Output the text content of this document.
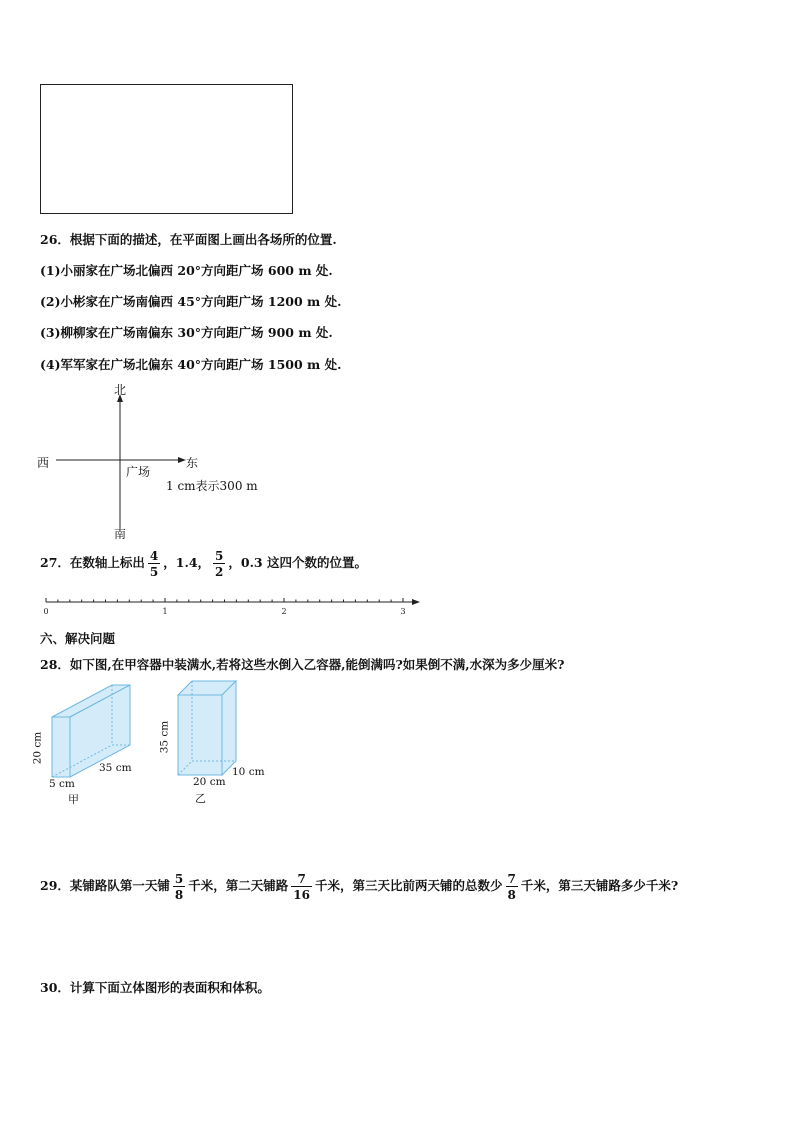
26．根据下面的描述，在平面图上画出各场所的位置.
(1)小丽家在广场北偏西 20°方向距广场 600 m 处.
(2)小彬家在广场南偏西 45°方向距广场 1200 m 处.
(3)柳柳家在广场南偏东 30°方向距广场 900 m 处.
(4)军军家在广场北偏东 40°方向距广场 1500 m 处.
北
西	东
广场
1 cm表示300 m
南
27．在数轴上标出 $\frac{4}{5}$ ，1.4， $\frac{5}{2}$ ，0.3 这四个数的位置。
0	1	2	3
六、解决问题
28．如下图,在甲容器中装满水,若将这些水倒入乙容器,能倒满吗?如果倒不满,水深为多少厘米?
20 cm
35 cm
5 cm
甲
35 cm
10 cm
20 cm
乙
29．某铺路队第一天铺 $\frac{5}{8}$ 千米，第二天铺路 $\frac{7}{16}$ 千米，第三天比前两天铺的总数少 $\frac{7}{8}$ 千米，第三天铺路多少千米?
30．计算下面立体图形的表面积和体积。
